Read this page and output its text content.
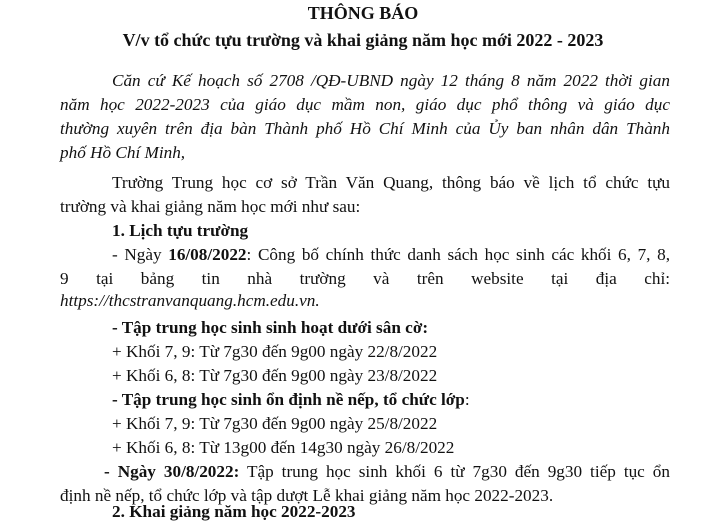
THÔNG BÁO
V/v tổ chức tựu trường và khai giảng năm học mới 2022 - 2023
Căn cứ Kế hoạch số 2708 /QĐ-UBND ngày 12 tháng 8 năm 2022 thời gian
năm học 2022-2023 của giáo dục mầm non, giáo dục phổ thông và giáo dục
thường xuyên trên địa bàn Thành phố Hồ Chí Minh của Ủy ban nhân dân Thành
phố Hồ Chí Minh,
Trường Trung học cơ sở Trần Văn Quang, thông báo về lịch tổ chức tựu
trường và khai giảng năm học mới như sau:
1. Lịch tựu trường
- Ngày 16/08/2022: Công bố chính thức danh sách học sinh các khối 6, 7, 8,
9 tại bảng tin nhà trường và trên website tại địa chỉ:
https://thcstranvanquang.hcm.edu.vn.
- Tập trung học sinh sinh hoạt dưới sân cờ:
+ Khối 7, 9: Từ 7g30 đến 9g00 ngày 22/8/2022
+ Khối 6, 8: Từ 7g30 đến 9g00 ngày 23/8/2022
- Tập trung học sinh ổn định nề nếp, tổ chức lớp:
+ Khối 7, 9: Từ 7g30 đến 9g00 ngày 25/8/2022
+ Khối 6, 8: Từ 13g00 đến 14g30 ngày 26/8/2022
- Ngày 30/8/2022: Tập trung học sinh khối 6 từ 7g30 đến 9g30 tiếp tục ổn
định nề nếp, tổ chức lớp và tập dượt Lễ khai giảng năm học 2022-2023.
2. Khai giảng năm học 2022-2023
